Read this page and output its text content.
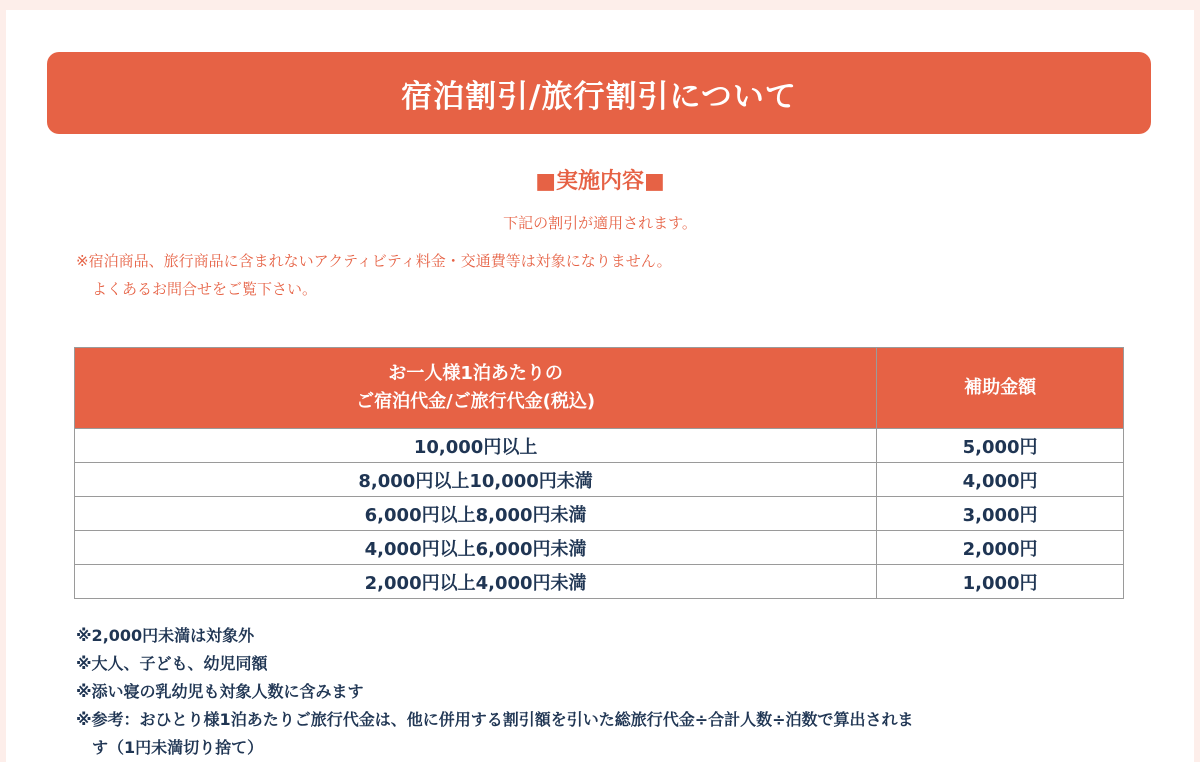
宿泊割引/旅行割引について
■実施内容■
下記の割引が適用されます。
※宿泊商品、旅行商品に含まれないアクティビティ料金・交通費等は対象になりません。
よくあるお問合せをご覧下さい。
お一人様1泊あたりの
ご宿泊代金/ご旅行代金(税込)	補助金額
10,000円以上	5,000円
8,000円以上10,000円未満	4,000円
6,000円以上8,000円未満	3,000円
4,000円以上6,000円未満	2,000円
2,000円以上4,000円未満	1,000円
※2,000円未満は対象外
※大人、子ども、幼児同額
※添い寝の乳幼児も対象人数に含みます
※参考：おひとり様1泊あたりご旅行代金は、他に併用する割引額を引いた総旅行代金÷合計人数÷泊数で算出されま
す（1円未満切り捨て）
